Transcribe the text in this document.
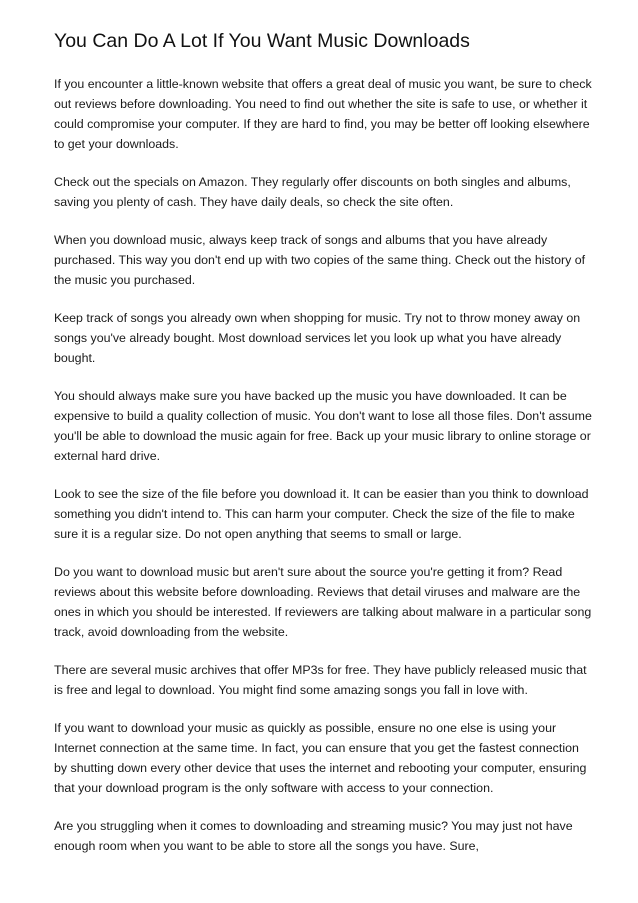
You Can Do A Lot If You Want Music Downloads

If you encounter a little-known website that offers a great deal of music you want, be sure to check out reviews before downloading. You need to find out whether the site is safe to use, or whether it could compromise your computer. If they are hard to find, you may be better off looking elsewhere to get your downloads.

Check out the specials on Amazon. They regularly offer discounts on both singles and albums, saving you plenty of cash. They have daily deals, so check the site often.

When you download music, always keep track of songs and albums that you have already purchased. This way you don't end up with two copies of the same thing. Check out the history of the music you purchased.

Keep track of songs you already own when shopping for music. Try not to throw money away on songs you've already bought. Most download services let you look up what you have already bought.

You should always make sure you have backed up the music you have downloaded. It can be expensive to build a quality collection of music. You don't want to lose all those files. Don't assume you'll be able to download the music again for free. Back up your music library to online storage or external hard drive.

Look to see the size of the file before you download it. It can be easier than you think to download something you didn't intend to. This can harm your computer. Check the size of the file to make sure it is a regular size. Do not open anything that seems to small or large.

Do you want to download music but aren't sure about the source you're getting it from? Read reviews about this website before downloading. Reviews that detail viruses and malware are the ones in which you should be interested. If reviewers are talking about malware in a particular song track, avoid downloading from the website.

There are several music archives that offer MP3s for free. They have publicly released music that is free and legal to download. You might find some amazing songs you fall in love with.

If you want to download your music as quickly as possible, ensure no one else is using your Internet connection at the same time. In fact, you can ensure that you get the fastest connection by shutting down every other device that uses the internet and rebooting your computer, ensuring that your download program is the only software with access to your connection.

Are you struggling when it comes to downloading and streaming music? You may just not have enough room when you want to be able to store all the songs you have. Sure,
